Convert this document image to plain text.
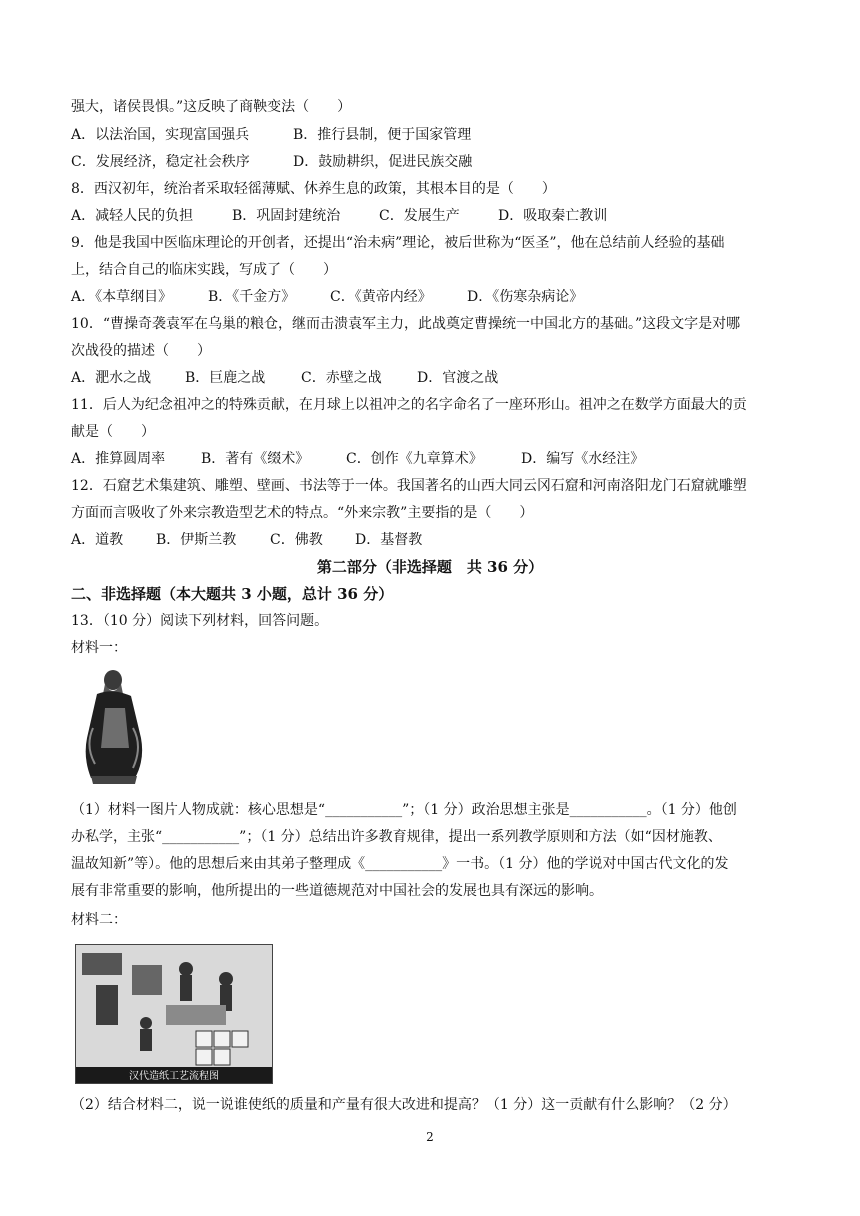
强大，诸侯畏惧。”这反映了商鞅变法（　　）
A．以法治国，实现富国强兵	B．推行县制，便于国家管理
C．发展经济，稳定社会秩序	D．鼓励耕织，促进民族交融
8．西汉初年，统治者采取轻徭薄赋、休养生息的政策，其根本目的是（　　）
A．减轻人民的负担	B．巩固封建统治	C．发展生产	D．吸取秦亡教训
9．他是我国中医临床理论的开创者，还提出“治未病”理论，被后世称为“医圣”，他在总结前人经验的基础
上，结合自己的临床实践，写成了（　　）
A．《本草纲目》	B．《千金方》 C．《黄帝内经》	D．《伤寒杂病论》
10．“曹操奇袭袁军在乌巢的粮仓，继而击溃袁军主力，此战奠定曹操统一中国北方的基础。”这段文字是对哪
次战役的描述（　　）
A．淝水之战 B．巨鹿之战	C．赤壁之战	D．官渡之战
11．后人为纪念祖冲之的特殊贡献，在月球上以祖冲之的名字命名了一座环形山。祖冲之在数学方面最大的贡
献是（　　）
A．推算圆周率	B．著有《缀术》	C．创作《九章算术》	D．编写《水经注》
12．石窟艺术集建筑、雕塑、壁画、书法等于一体。我国著名的山西大同云冈石窟和河南洛阳龙门石窟就雕塑
方面而言吸收了外来宗教造型艺术的特点。“外来宗教”主要指的是（　　）
A．道教 B．伊斯兰教 C．佛教 D．基督教
第二部分（非选择题　共 36 分）
二、非选择题（本大题共 3 小题，总计 36 分）
13．（10 分）阅读下列材料，回答问题。
材料一：
（1）材料一图片人物成就：核心思想是“___________”；（1 分）政治思想主张是___________。（1 分）他创
办私学，主张“___________”；（1 分）总结出许多教育规律，提出一系列教学原则和方法（如“因材施教、
温故知新”等）。他的思想后来由其弟子整理成《___________》一书。（1 分）他的学说对中国古代文化的发
展有非常重要的影响，他所提出的一些道德规范对中国社会的发展也具有深远的影响。
材料二：
汉代造纸工艺流程图
（2）结合材料二，说一说谁使纸的质量和产量有很大改进和提高？（1 分）这一贡献有什么影响？（2 分）
2
